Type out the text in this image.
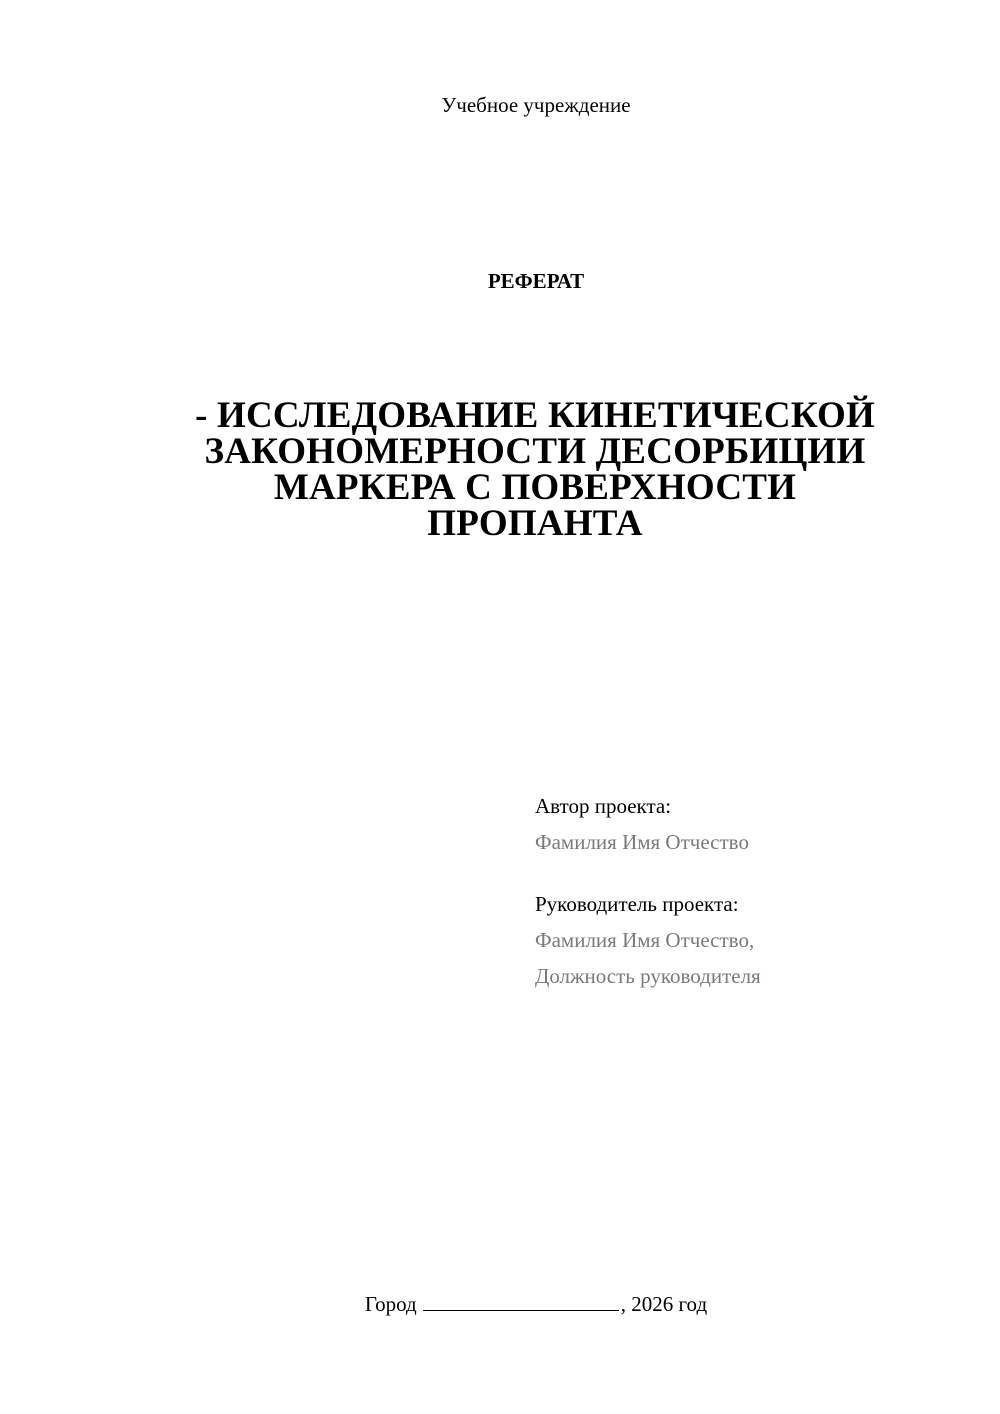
Учебное учреждение
РЕФЕРАТ
- ИССЛЕДОВАНИЕ КИНЕТИЧЕСКОЙ
ЗАКОНОМЕРНОСТИ ДЕСОРБИЦИИ
МАРКЕРА С ПОВЕРХНОСТИ
ПРОПАНТА
Автор проекта:
Фамилия Имя Отчество
Руководитель проекта:
Фамилия Имя Отчество,
Должность руководителя
Город	, 2026 год
